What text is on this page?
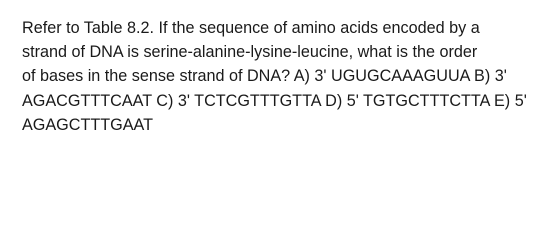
Refer to Table 8.2. If the sequence of amino acids encoded by a
strand of DNA is serine-alanine-lysine-leucine, what is the order
of bases in the sense strand of DNA? A) 3' UGUGCAAAGUUA B) 3'
AGACGTTTCAAT C) 3' TCTCGTTTGTTA D) 5' TGTGCTTTCTTA E) 5'
AGAGCTTTGAAT
